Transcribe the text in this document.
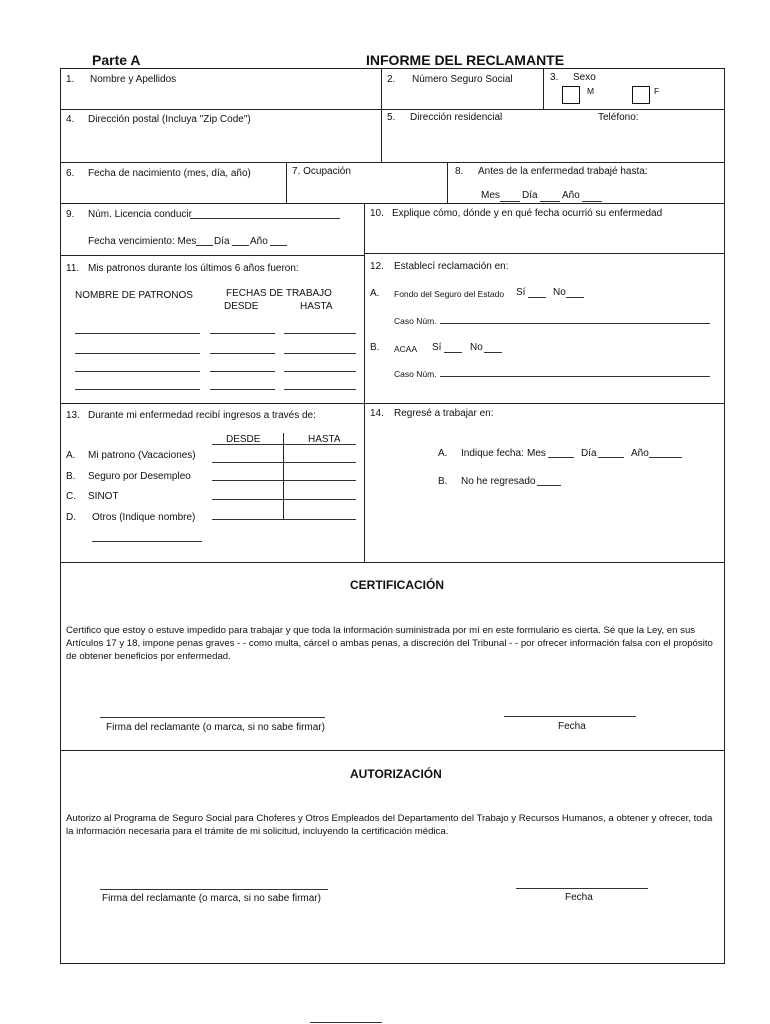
Parte A	INFORME DEL RECLAMANTE
1. Nombre y Apellidos	2. Número Seguro Social	3. Sexo
M	F
4. Dirección postal (Incluya "Zip Code")	5. Dirección residencial	Teléfono:
6. Fecha de nacimiento (mes, día, año)	7. Ocupación	8. Antes de la enfermedad trabajé hasta:
Mes Día Año
9. Núm. Licencia conducir
Fecha vencimiento: Mes Día Año
10. Explique cómo, dónde y en qué fecha ocurrió su enfermedad
11. Mis patronos durante los últimos 6 años fueron:
NOMBRE DE PATRONOS	FECHAS DE TRABAJO
DESDE	HASTA
12. Establecí reclamación en:
A. Fondo del Seguro del Estado Sí	No
Caso Núm.
B. ACAA Sí	No
Caso Núm.
13. Durante mi enfermedad recibí ingresos a través de:
DESDE	HASTA
A. Mi patrono (Vacaciones)
B. Seguro por Desempleo
C. SINOT
D. Otros (Indique nombre)
14. Regresé a trabajar en:
A. Indique fecha: Mes	Día	Año
B. No he regresado
CERTIFICACIÓN
Certifico que estoy o estuve impedido para trabajar y que toda la información suministrada por mí en este formulario es cierta. Sé que la Ley, en sus Artículos 17 y 18, impone penas graves - - como multa, cárcel o ambas penas, a discreción del Tribunal - - por ofrecer información falsa con el propósito de obtener beneficios por enfermedad.
Firma del reclamante (o marca, si no sabe firmar)	Fecha
AUTORIZACIÓN
Autorizo al Programa de Seguro Social para Choferes y Otros Empleados del Departamento del Trabajo y Recursos Humanos, a obtener y ofrecer, toda la información necesaria para el trámite de mi solicitud, incluyendo la certificación médica.
Firma del reclamante (o marca, si no sabe firmar)	Fecha
